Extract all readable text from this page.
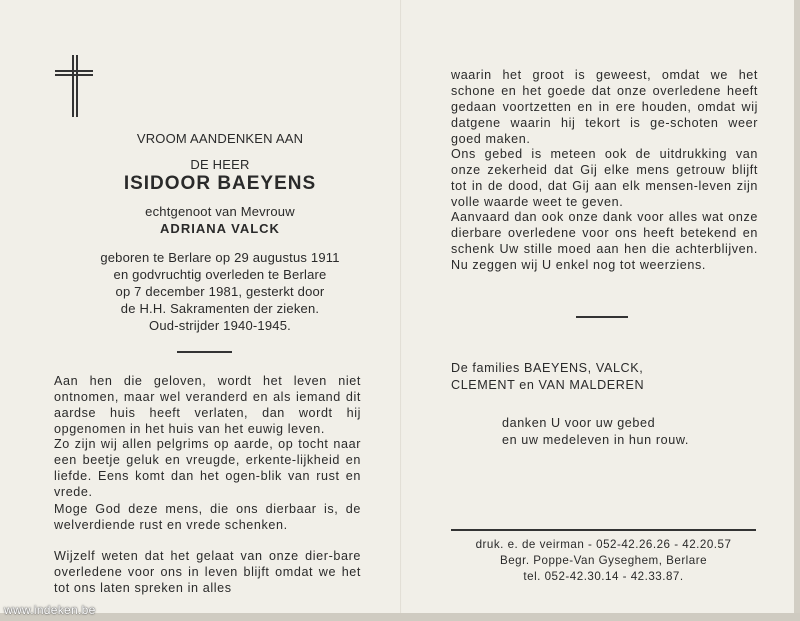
VROOM AANDENKEN AAN
DE HEER
ISIDOOR BAEYENS
echtgenoot van Mevrouw
ADRIANA VALCK
geboren te Berlare op 29 augustus 1911
en godvruchtig overleden te Berlare
op 7 december 1981, gesterkt door
de H.H. Sakramenten der zieken.
Oud-strijder 1940-1945.

Aan hen die geloven, wordt het leven niet ontnomen, maar wel veranderd en als iemand dit aardse huis heeft verlaten, dan wordt hij opgenomen in het huis van het euwig leven.

Zo zijn wij allen pelgrims op aarde, op tocht naar een beetje geluk en vreugde, erkente-lijkheid en liefde. Eens komt dan het ogen-blik van rust en vrede.

Moge God deze mens, die ons dierbaar is, de welverdiende rust en vrede schenken.

Wijzelf weten dat het gelaat van onze dier-bare overledene voor ons in leven blijft omdat we het tot ons laten spreken in alles

waarin het groot is geweest, omdat we het schone en het goede dat onze overledene heeft gedaan voortzetten en in ere houden, omdat wij datgene waarin hij tekort is ge-schoten weer goed maken.

Ons gebed is meteen ook de uitdrukking van onze zekerheid dat Gij elke mens getrouw blijft tot in de dood, dat Gij aan elk mensen-leven zijn volle waarde weet te geven.

Aanvaard dan ook onze dank voor alles wat onze dierbare overledene voor ons heeft betekend en schenk Uw stille moed aan hen die achterblijven. Nu zeggen wij U enkel nog tot weerziens.

De families BAEYENS, VALCK,
CLEMENT en VAN MALDEREN
danken U voor uw gebed
en uw medeleven in hun rouw.
druk. e. de veirman - 052-42.26.26 - 42.20.57
Begr. Poppe-Van Gyseghem, Berlare
tel. 052-42.30.14 - 42.33.87.
www.indeken.be
